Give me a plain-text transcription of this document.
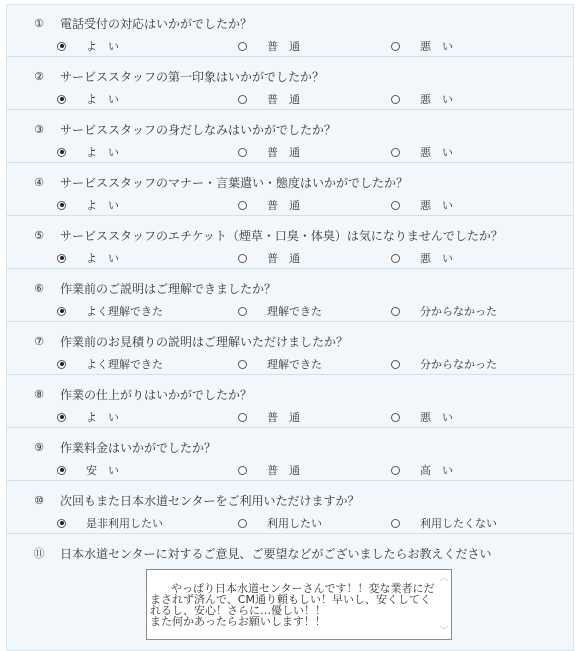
① 電話受付の対応はいかがでしたか？
よ　い	普　通	悪　い
② サービススタッフの第一印象はいかがでしたか？
よ　い	普　通	悪　い
③ サービススタッフの身だしなみはいかがでしたか？
よ　い	普　通	悪　い
④ サービススタッフのマナー・言葉遣い・態度はいかがでしたか？
よ　い	普　通	悪　い
⑤ サービススタッフのエチケット（煙草・口臭・体臭）は気になりませんでしたか？
よ　い	普　通	悪　い
⑥ 作業前のご説明はご理解できましたか？
よく理解できた	理解できた	分からなかった
⑦ 作業前のお見積りの説明はご理解いただけましたか？
よく理解できた	理解できた	分からなかった
⑧ 作業の仕上がりはいかがでしたか？
よ　い	普　通	悪　い
⑨ 作業料金はいかがでしたか？
安　い	普　通	高　い
⑩ 次回もまた日本水道センターをご利用いただけますか？
是非利用したい	利用したい	利用したくない
⑪ 日本水道センターに対するご意見、ご要望などがございましたらお教えください

やっぱり日本水道センターさんです！！変な業者にだまされず済んで、CM通り頼もしい！早いし、安くしてくれるし、安心！さらに…優しい！！
また何かあったらお願いします！！

︿

﹀
